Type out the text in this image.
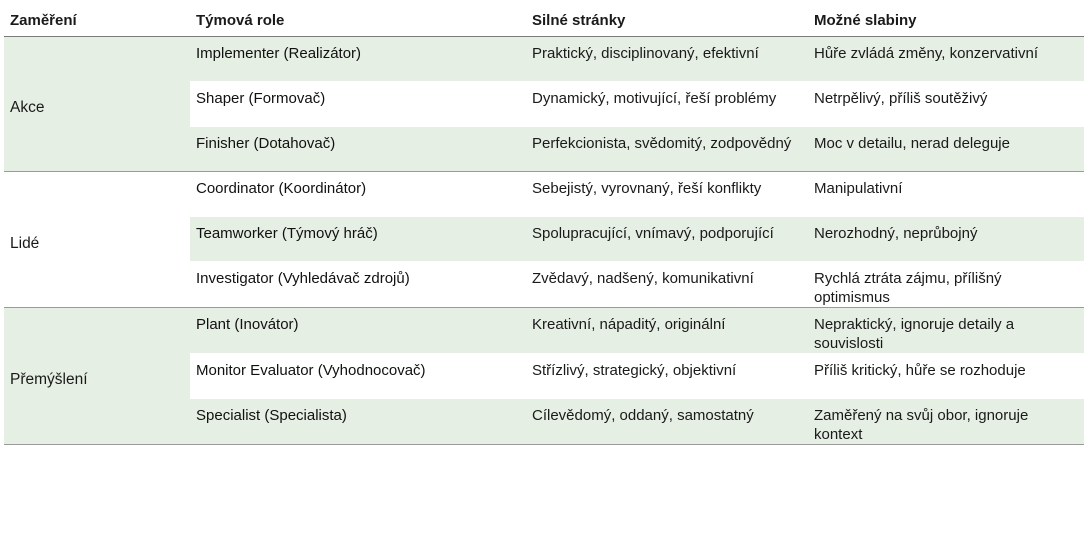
Zaměření	Týmová role	Silné stránky	Možné slabiny
Akce	Implementer (Realizátor)	Praktický, disciplinovaný, efektivní	Hůře zvládá změny, konzervativní
	Shaper (Formovač)	Dynamický, motivující, řeší problémy	Netrpělivý, příliš soutěživý
	Finisher (Dotahovač)	Perfekcionista, svědomitý, zodpovědný	Moc v detailu, nerad deleguje
Lidé	Coordinator (Koordinátor)	Sebejistý, vyrovnaný, řeší konflikty	Manipulativní
	Teamworker (Týmový hráč)	Spolupracující, vnímavý, podporující	Nerozhodný, neprůbojný
	Investigator (Vyhledávač zdrojů)	Zvědavý, nadšený, komunikativní	Rychlá ztráta zájmu, přílišný optimismus
Přemýšlení	Plant (Inovátor)	Kreativní, nápaditý, originální	Nepraktický, ignoruje detaily a souvislosti
	Monitor Evaluator (Vyhodnocovač)	Střízlivý, strategický, objektivní	Příliš kritický, hůře se rozhoduje
	Specialist (Specialista)	Cílevědomý, oddaný, samostatný	Zaměřený na svůj obor, ignoruje kontext
